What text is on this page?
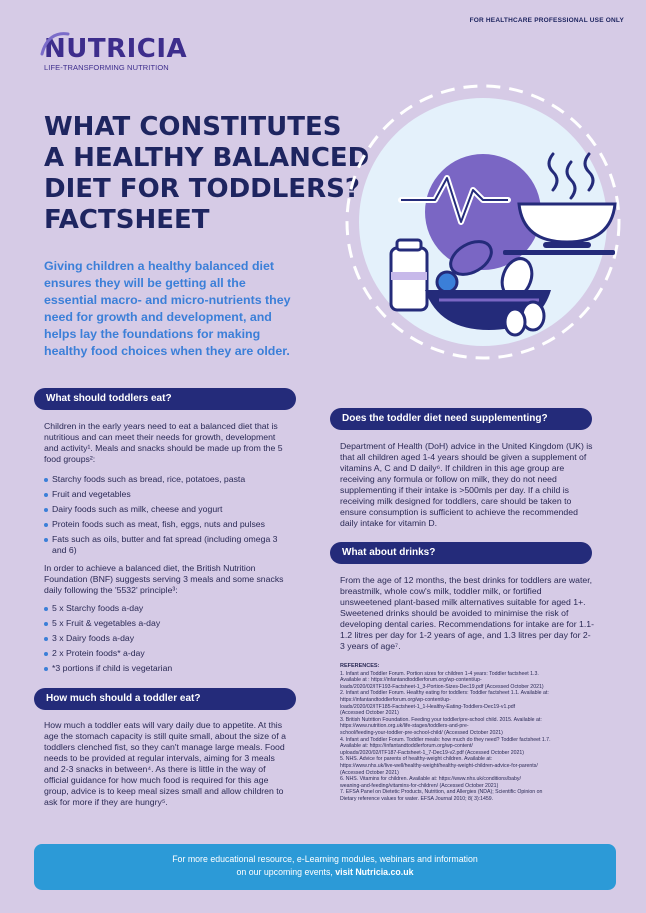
FOR HEALTHCARE PROFESSIONAL USE ONLY
NUTRICIA
LIFE-TRANSFORMING NUTRITION
WHAT CONSTITUTES
A HEALTHY BALANCED
DIET FOR TODDLERS?
FACTSHEET

Giving children a healthy balanced diet ensures they will be getting all the essential macro- and micro-nutrients they need for growth and development, and helps lay the foundations for making healthy food choices when they are older.

What should toddlers eat?

Children in the early years need to eat a balanced diet that is nutritious and can meet their needs for growth, development and activity¹. Meals and snacks should be made up from the 5 food groups²:

Starchy foods such as bread, rice, potatoes, pasta
Fruit and vegetables
Dairy foods such as milk, cheese and yogurt
Protein foods such as meat, fish, eggs, nuts and pulses
Fats such as oils, butter and fat spread (including omega 3 and 6)

In order to achieve a balanced diet, the British Nutrition Foundation (BNF) suggests serving 3 meals and some snacks daily following the '5532' principle³:

5 x Starchy foods a-day
5 x Fruit & vegetables a-day
3 x Dairy foods a-day
2 x Protein foods* a-day
*3 portions if child is vegetarian
How much should a toddler eat?

How much a toddler eats will vary daily due to appetite. At this age the stomach capacity is still quite small, about the size of a toddlers clenched fist, so they can't manage large meals. Food needs to be provided at regular intervals, aiming for 3 meals and 2-3 snacks in between⁴. As there is little in the way of official guidance for how much food is required for this age group, advice is to keep meal sizes small and allow children to ask for more if they are hungry⁵.

Does the toddler diet need supplementing?

Department of Health (DoH) advice in the United Kingdom (UK) is that all children aged 1-4 years should be given a supplement of vitamins A, C and D daily⁶. If children in this age group are receiving any formula or follow on milk, they do not need supplementing if their intake is >500mls per day. If a child is receiving milk designed for toddlers, care should be taken to ensure consumption is sufficient to achieve the recommended daily intake for vitamin D.

What about drinks?

From the age of 12 months, the best drinks for toddlers are water, breastmilk, whole cow's milk, toddler milk, or fortified unsweetened plant-based milk alternatives suitable for aged 1+. Sweetened drinks should be avoided to minimise the risk of developing dental caries. Recommendations for intake are for 1.1-1.2 litres per day for 1-2 years of age, and 1.3 litres per day for 2-3 years of age⁷.

REFERENCES:
1. Infant and Toddler Forum. Portion sizes for children 1-4 years: Toddler factsheet 1.3.
Available at : https://infantandtoddlerforum.org/wp-content/up-
loads/2020/02/ITF193-Factsheet-1_3-Portion-Sizes-Dec19.pdf (Accessed October 2021)
2. Infant and Toddler Forum. Healthy eating for toddlers: Toddler factsheet 1.1. Available at:
https://infantandtoddlerforum.org/wp-content/up-
loads/2020/02/ITF185-Factsheet-1_1-Healthy-Eating-Toddlers-Dec19-v1.pdf
(Accessed October 2021)
3. British Nutrition Foundation. Feeding your toddler/pre-school child. 2015. Available at:
https://www.nutrition.org.uk/life-stages/toddlers-and-pre-
school/feeding-your-toddler-pre-school-child/ (Accessed October 2021)
4. Infant and Toddler Forum. Toddler meals: how much do they need? Toddler factsheet 1.7.
Available at: https://infantandtoddlerforum.org/wp-content/
uploads/2020/02/ITF187-Factsheet-1_7-Dec19-v2.pdf (Accessed October 2021)
5. NHS. Advice for parents of healthy-weight children. Available at:
https://www.nhs.uk/live-well/healthy-weight/healthy-weight-children-advice-for-parents/
(Accessed October 2021)
6. NHS. Vitamins for children. Available at: https://www.nhs.uk/conditions/baby/
weaning-and-feeding/vitamins-for-children/ (Accessed October 2021)
7. EFSA Panel on Dietetic Products, Nutrition, and Allergies (NDA); Scientific Opinion on
Dietary reference values for water. EFSA Journal 2010; 8( 3):1459.
For more educational resource, e-Learning modules, webinars and information
on our upcoming events, visit Nutricia.co.uk
